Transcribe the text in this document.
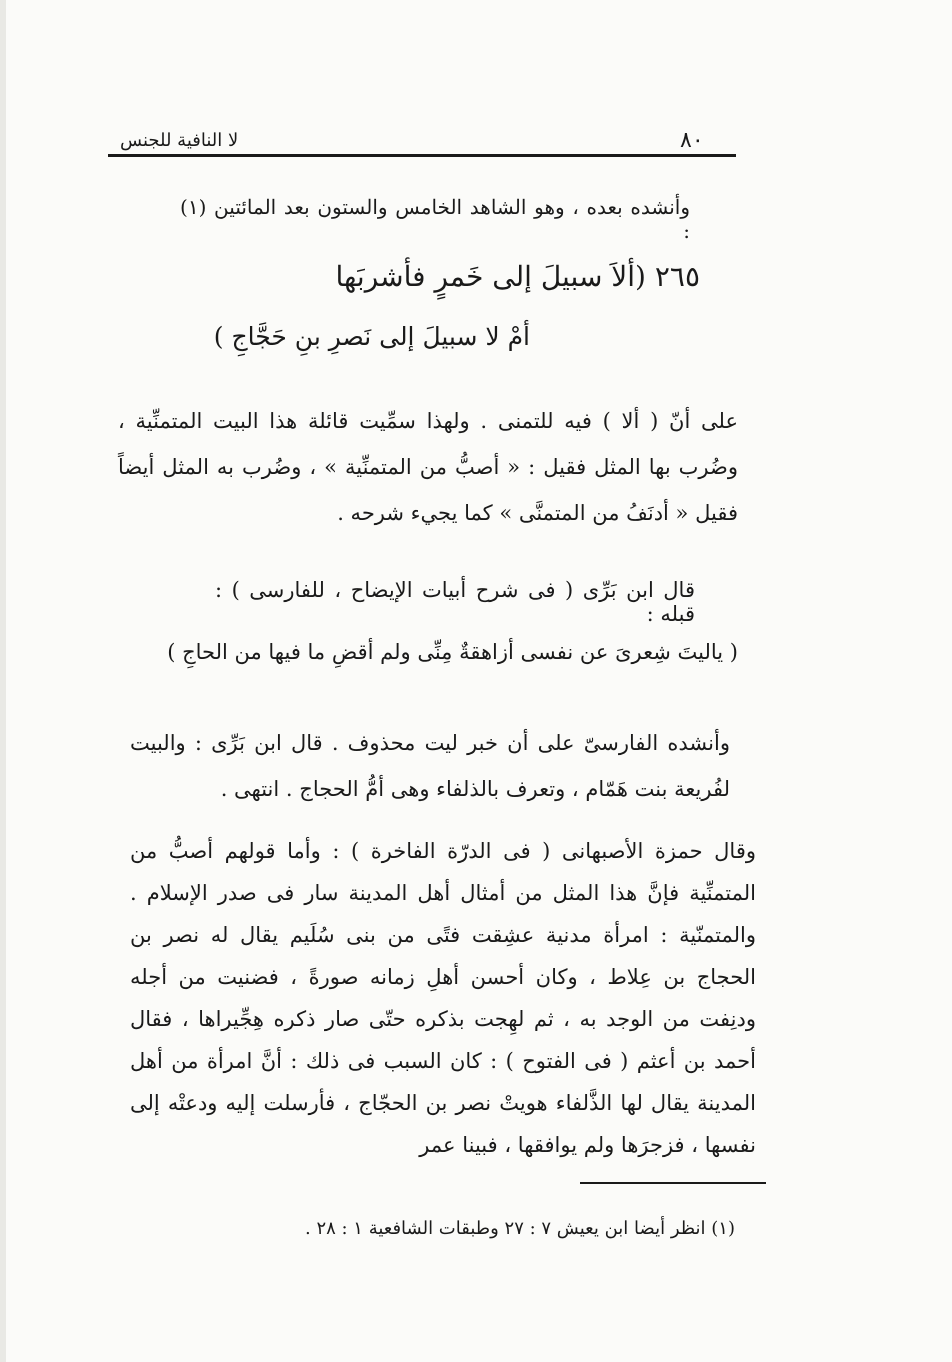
لا النافية للجنس	٨٠
وأنشده بعده ، وهو الشاهد الخامس والستون بعد المائتين (١) :
٢٦٥ (ألاَ سبيلَ إلى خَمرٍ فأشربَها
أمْ لا سبيلَ إلى نَصرِ بنِ حَجَّاجِ )
على أنّ ( ألا ) فيه للتمنى . ولهذا سمِّيت قائلة هذا البيت المتمنِّية ، وضُرب بها المثل فقيل : « أصبُّ من المتمنِّية » ، وضُرب به المثل أيضاً فقيل « أدنَفُ من المتمنَّى » كما يجيء شرحه .
قال ابن بَرِّى ( فى شرح أبيات الإيضاح ، للفارسى ) : قبله :
( ياليتَ شِعرىَ عن نفسى أزاهقةٌ مِنِّى ولم أقضِ ما فيها من الحاجِ )
وأنشده الفارسىّ على أن خبر ليت محذوف . قال ابن بَرِّى : والبيت لفُريعة بنت هَمّام ، وتعرف بالذلفاء وهى أمُّ الحجاج . انتهى .
وقال حمزة الأصبهانى ( فى الدرّة الفاخرة ) : وأما قولهم أصبُّ من المتمنِّية فإنَّ هذا المثل من أمثال أهل المدينة سار فى صدر الإسلام . والمتمنّية : امرأة مدنية عشِقت فتًى من بنى سُلَيم يقال له نصر بن الحجاج بن عِلاط ، وكان أحسن أهلِ زمانه صورةً ، فضنيت من أجله ودنِفت من الوجد به ، ثم لهِجت بذكره حتّى صار ذكره هِجِّيراها ، فقال أحمد بن أعثم ( فى الفتوح ) : كان السبب فى ذلك : أنَّ امرأة من أهل المدينة يقال لها الذَّلفاء هويتْ نصر بن الحجّاج ، فأرسلت إليه ودعتْه إلى نفسها ، فزجرَها ولم يوافقها ، فبينا عمر
(١) انظر أيضا ابن يعيش ٧ : ٢٧ وطبقات الشافعية ١ : ٢٨ .
